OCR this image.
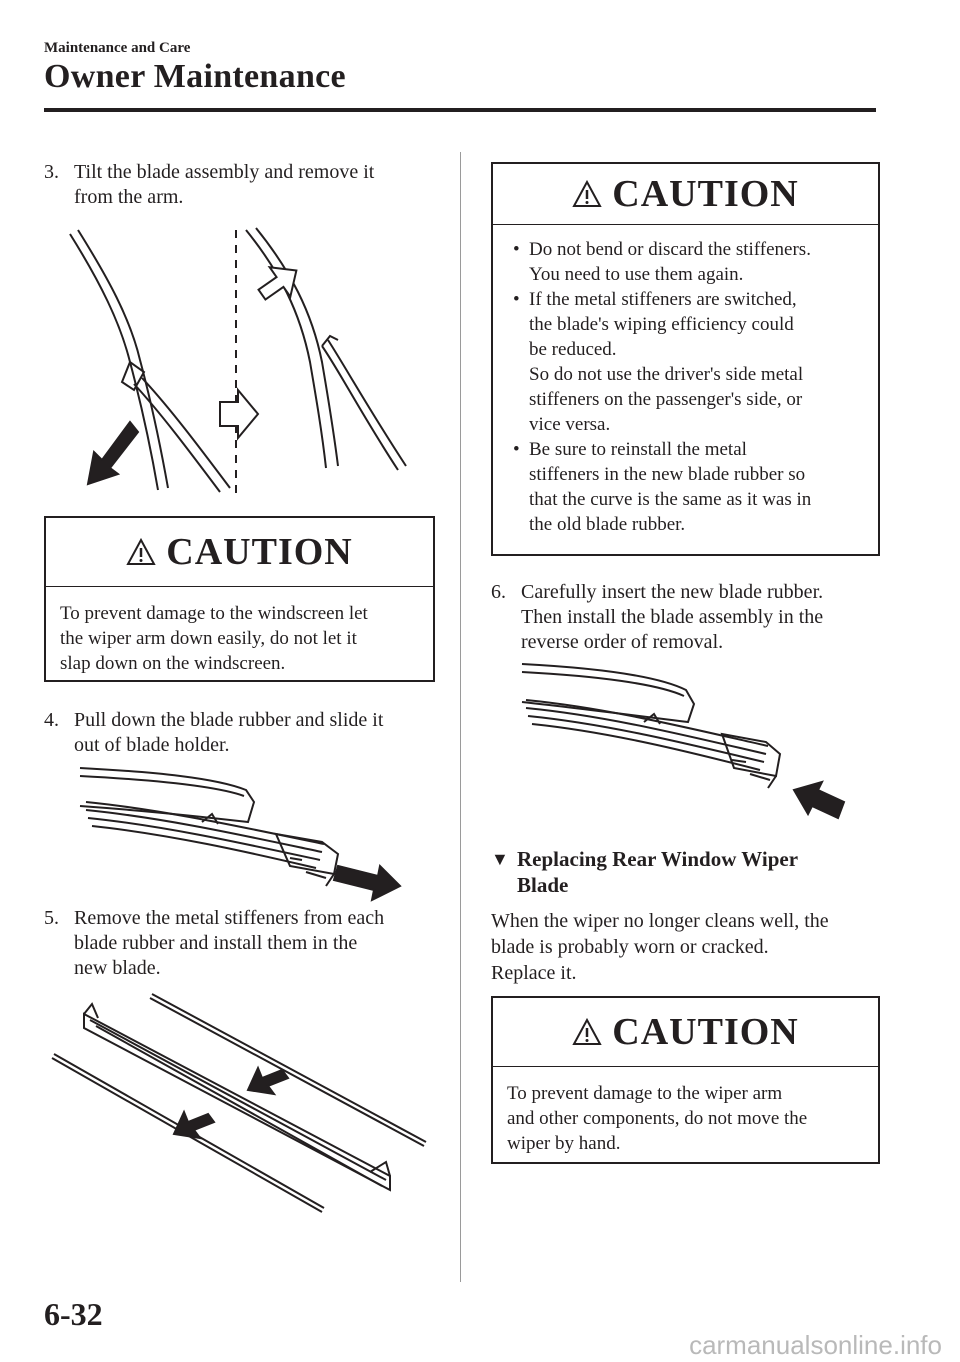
Maintenance and Care
Owner Maintenance
3. Tilt the blade assembly and remove it
from the arm.
CAUTION
To prevent damage to the windscreen let
the wiper arm down easily, do not let it
slap down on the windscreen.
4. Pull down the blade rubber and slide it
out of blade holder.
5. Remove the metal stiffeners from each
blade rubber and install them in the
new blade.
CAUTION
• Do not bend or discard the stiffeners.
You need to use them again.
• If the metal stiffeners are switched,
the blade's wiping efficiency could
be reduced.
So do not use the driver's side metal
stiffeners on the passenger's side, or
vice versa.
• Be sure to reinstall the metal
stiffeners in the new blade rubber so
that the curve is the same as it was in
the old blade rubber.
6. Carefully insert the new blade rubber.
Then install the blade assembly in the
reverse order of removal.
▼ Replacing Rear Window Wiper
Blade
When the wiper no longer cleans well, the
blade is probably worn or cracked.
Replace it.
CAUTION
To prevent damage to the wiper arm
and other components, do not move the
wiper by hand.
6-32
carmanualsonline.info
